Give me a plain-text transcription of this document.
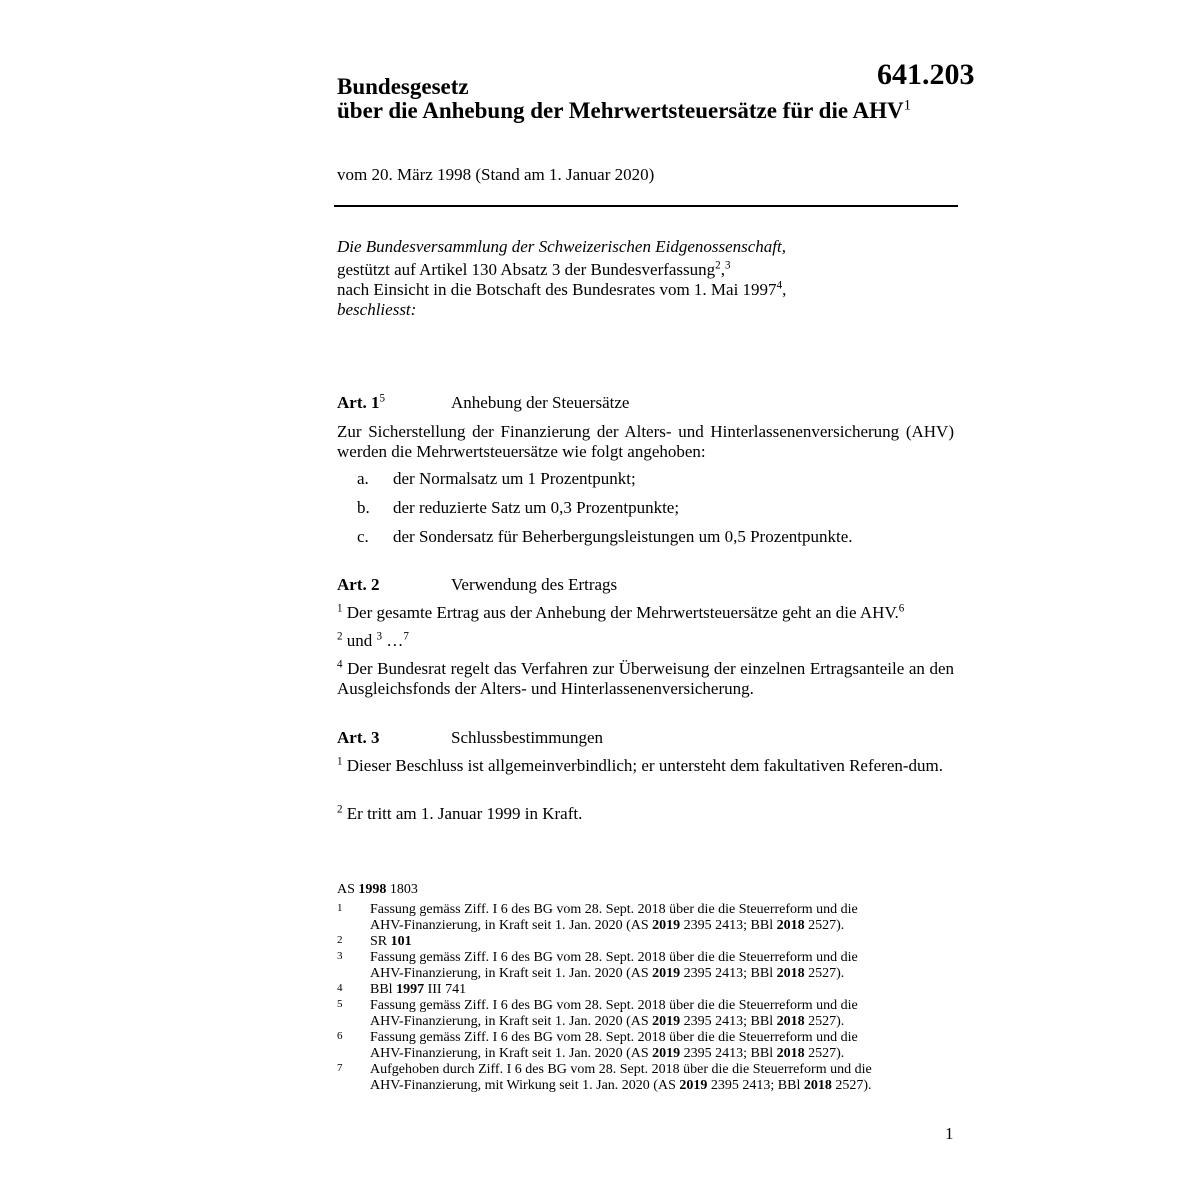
641.203
Bundesgesetz
über die Anhebung der Mehrwertsteuersätze für die AHV$^1$
vom 20. März 1998 (Stand am 1. Januar 2020)
Die Bundesversammlung der Schweizerischen Eidgenossenschaft,
gestützt auf Artikel 130 Absatz 3 der Bundesverfassung$^2$,$^3$
nach Einsicht in die Botschaft des Bundesrates vom 1. Mai 1997$^4$,
beschliesst:
Art. $1^5$	Anhebung der Steuersätze
Zur Sicherstellung der Finanzierung der Alters- und Hinterlassenenversicherung (AHV) werden die Mehrwertsteuersätze wie folgt angehoben:
a. der Normalsatz um 1 Prozentpunkt;
b. der reduzierte Satz um 0,3 Prozentpunkte;
c. der Sondersatz für Beherbergungsleistungen um 0,5 Prozentpunkte.
Art. 2	Verwendung des Ertrags
$^1$ Der gesamte Ertrag aus der Anhebung der Mehrwertsteuersätze geht an die AHV.$^6$
$^2$ und $^3$ …$^7$
$^4$ Der Bundesrat regelt das Verfahren zur Überweisung der einzelnen Ertragsanteile an den Ausgleichsfonds der Alters- und Hinterlassenenversicherung.
Art. 3	Schlussbestimmungen
$^1$ Dieser Beschluss ist allgemeinverbindlich; er untersteht dem fakultativen Referen-dum.
$^2$ Er tritt am 1. Januar 1999 in Kraft.
AS 1998 1803
1 Fassung gemäss Ziff. I 6 des BG vom 28. Sept. 2018 über die die Steuerreform und die
AHV-Finanzierung, in Kraft seit 1. Jan. 2020 (AS 2019 2395 2413; BBl 2018 2527).
2 SR 101
3 Fassung gemäss Ziff. I 6 des BG vom 28. Sept. 2018 über die die Steuerreform und die
AHV-Finanzierung, in Kraft seit 1. Jan. 2020 (AS 2019 2395 2413; BBl 2018 2527).
4 BBl 1997 III 741
5 Fassung gemäss Ziff. I 6 des BG vom 28. Sept. 2018 über die die Steuerreform und die
AHV-Finanzierung, in Kraft seit 1. Jan. 2020 (AS 2019 2395 2413; BBl 2018 2527).
6 Fassung gemäss Ziff. I 6 des BG vom 28. Sept. 2018 über die die Steuerreform und die
AHV-Finanzierung, in Kraft seit 1. Jan. 2020 (AS 2019 2395 2413; BBl 2018 2527).
7 Aufgehoben durch Ziff. I 6 des BG vom 28. Sept. 2018 über die die Steuerreform und die
AHV-Finanzierung, mit Wirkung seit 1. Jan. 2020 (AS 2019 2395 2413; BBl 2018 2527).
1
